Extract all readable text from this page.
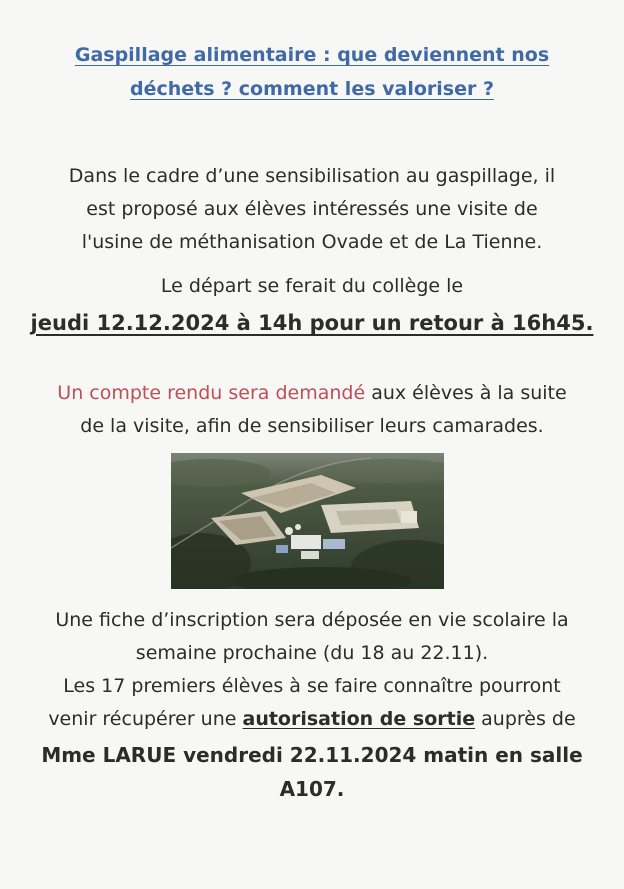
Gaspillage alimentaire : que deviennent nos
déchets ? comment les valoriser ?
Dans le cadre d’une sensibilisation au gaspillage, il
est proposé aux élèves intéressés une visite de
l'usine de méthanisation Ovade et de La Tienne.
Le départ se ferait du collège le
jeudi 12.12.2024 à 14h pour un retour à 16h45.
Un compte rendu sera demandé aux élèves à la suite
de la visite, afin de sensibiliser leurs camarades.
Une fiche d’inscription sera déposée en vie scolaire la
semaine prochaine (du 18 au 22.11).
Les 17 premiers élèves à se faire connaître pourront
venir récupérer une autorisation de sortie auprès de
Mme LARUE vendredi 22.11.2024 matin en salle
A107.
